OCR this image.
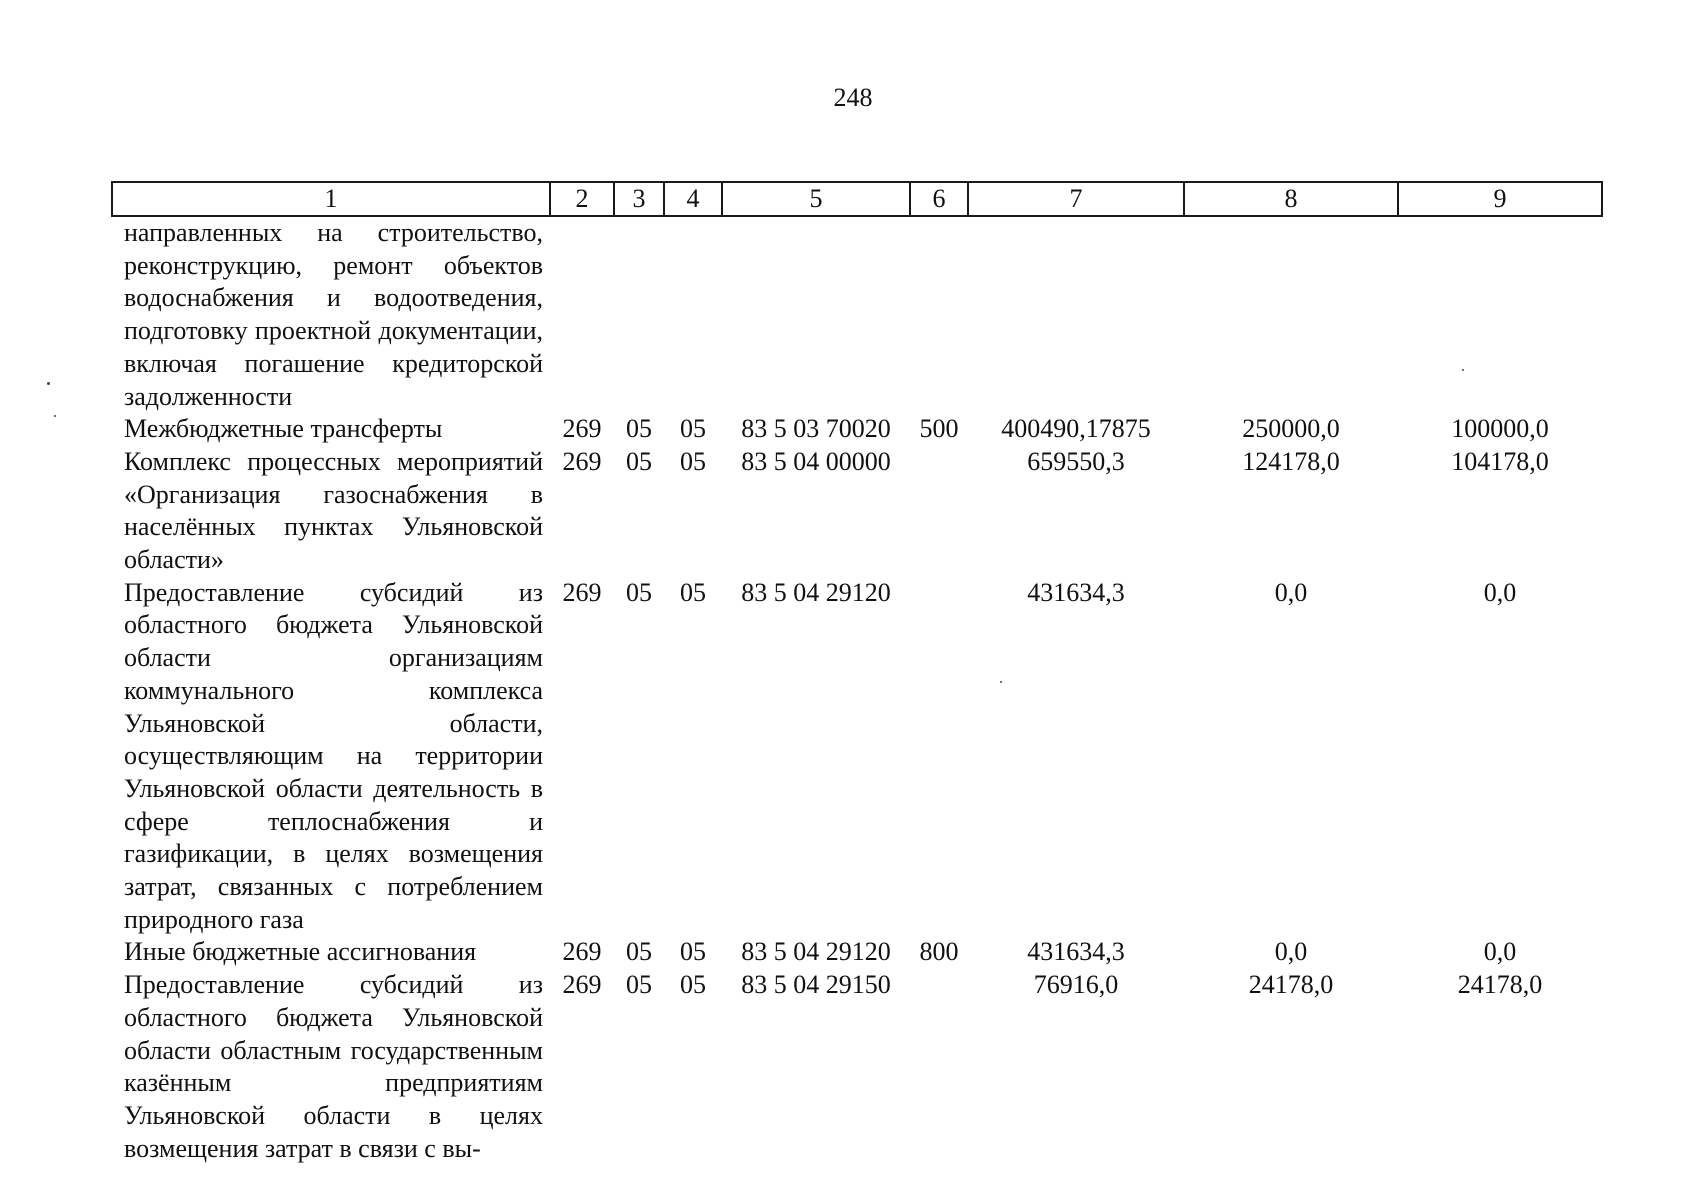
248
1	2	3	4	5	6	7	8	9
направленных на строительство, реконструкцию, ремонт объектов водоснабжения и водоотведения, подготовку проектной документации, включая погашение кредиторской задолженности								
Межбюджетные трансферты	269	05	05	83 5 03 70020	500	400490,17875	250000,0	100000,0
Комплекс процессных мероприятий «Организация газоснабжения в населённых пунктах Ульяновской области»	269	05	05	83 5 04 00000		659550,3	124178,0	104178,0
Предоставление субсидий из областного бюджета Ульяновской области организациям коммунального комплекса Ульяновской области, осуществляющим на территории Ульяновской области деятельность в сфере теплоснабжения и газификации, в целях возмещения затрат, связанных с потреблением природного газа	269	05	05	83 5 04 29120		431634,3	0,0	0,0
Иные бюджетные ассигнования	269	05	05	83 5 04 29120	800	431634,3	0,0	0,0
Предоставление субсидий из областного бюджета Ульяновской области областным государственным казённым предприятиям Ульяновской области в целях возмещения затрат в связи с вы-	269	05	05	83 5 04 29150		76916,0	24178,0	24178,0
